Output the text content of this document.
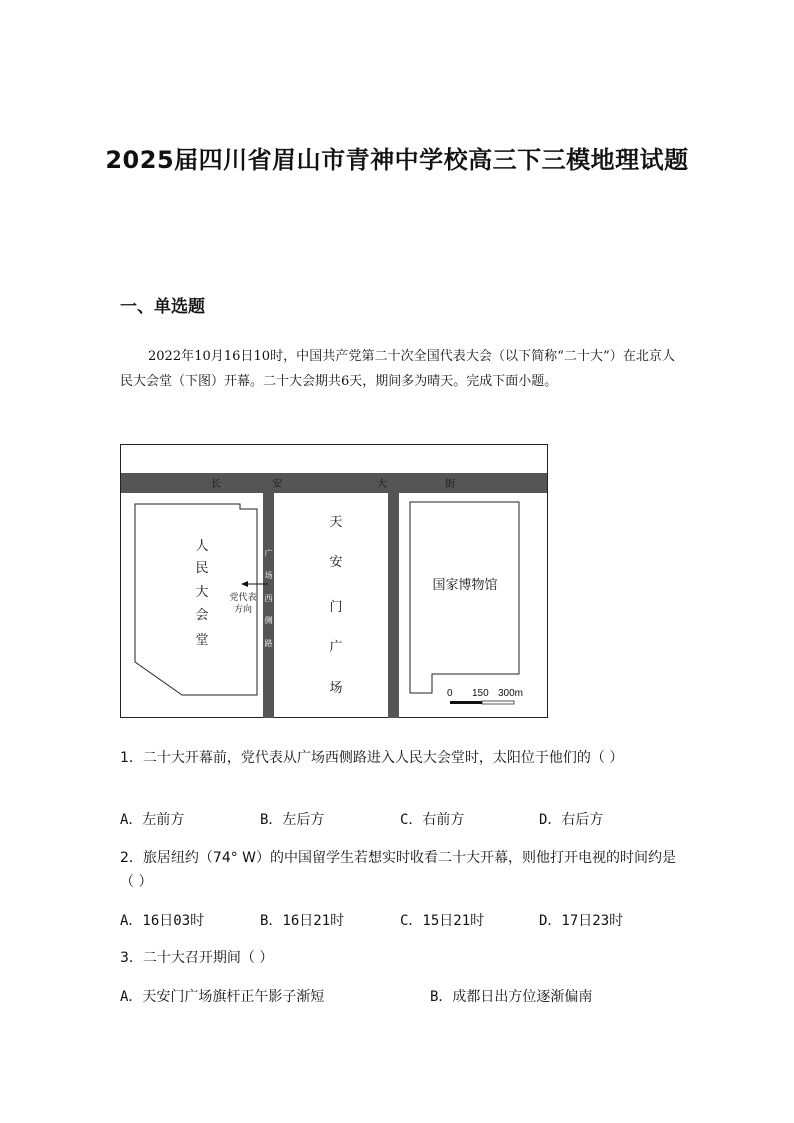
2025届四川省眉山市青神中学校高三下三模地理试题
一、单选题

2022年10月16日10时，中国共产党第二十次全国代表大会（以下简称“二十大”）在北京人民大会堂（下图）开幕。二十大会期共6天，期间多为晴天。完成下面小题。

长	安	大	街
人
民
大
会
堂
党代表
方向
广
场
西
侧
路
天
安
门
广
场
国家博物馆
0 150 300m
1．二十大开幕前，党代表从广场西侧路进入人民大会堂时，太阳位于他们的（ ）
A．左前方	B．左后方	C．右前方	D．右后方
2．旅居纽约（74° W）的中国留学生若想实时收看二十大开幕，则他打开电视的时间约是（ ）
A．16日03时	B．16日21时	C．15日21时	D．17日23时
3．二十大召开期间（ ）
A．天安门广场旗杆正午影子渐短	B．成都日出方位逐渐偏南
